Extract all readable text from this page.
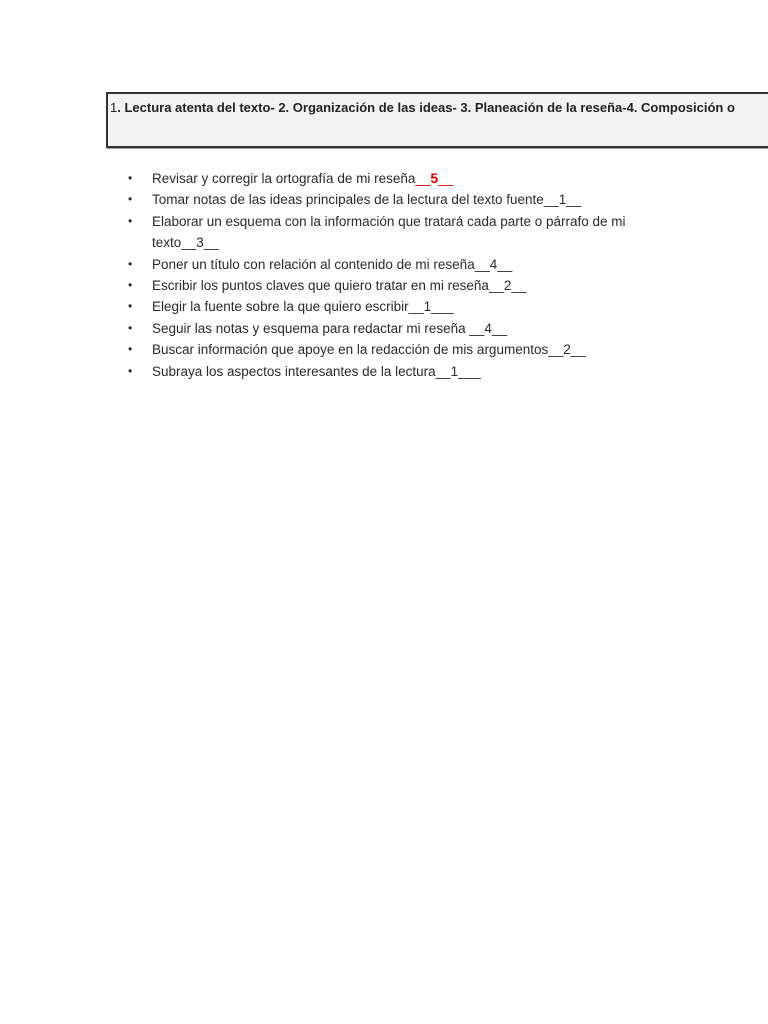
1. Lectura atenta del texto- 2. Organización de las ideas- 3. Planeación de la reseña-4. Composición o
• Revisar y corregir la ortografía de mi reseña__5__
• Tomar notas de las ideas principales de la lectura del texto fuente__1__
• Elaborar un esquema con la información que tratará cada parte o párrafo de mi texto__3__
• Poner un título con relación al contenido de mi reseña__4__
• Escribir los puntos claves que quiero tratar en mi reseña__2__
• Elegir la fuente sobre la que quiero escribir__1___
• Seguir las notas y esquema para redactar mi reseña __4__
• Buscar información que apoye en la redacción de mis argumentos__2__
• Subraya los aspectos interesantes de la lectura__1___
